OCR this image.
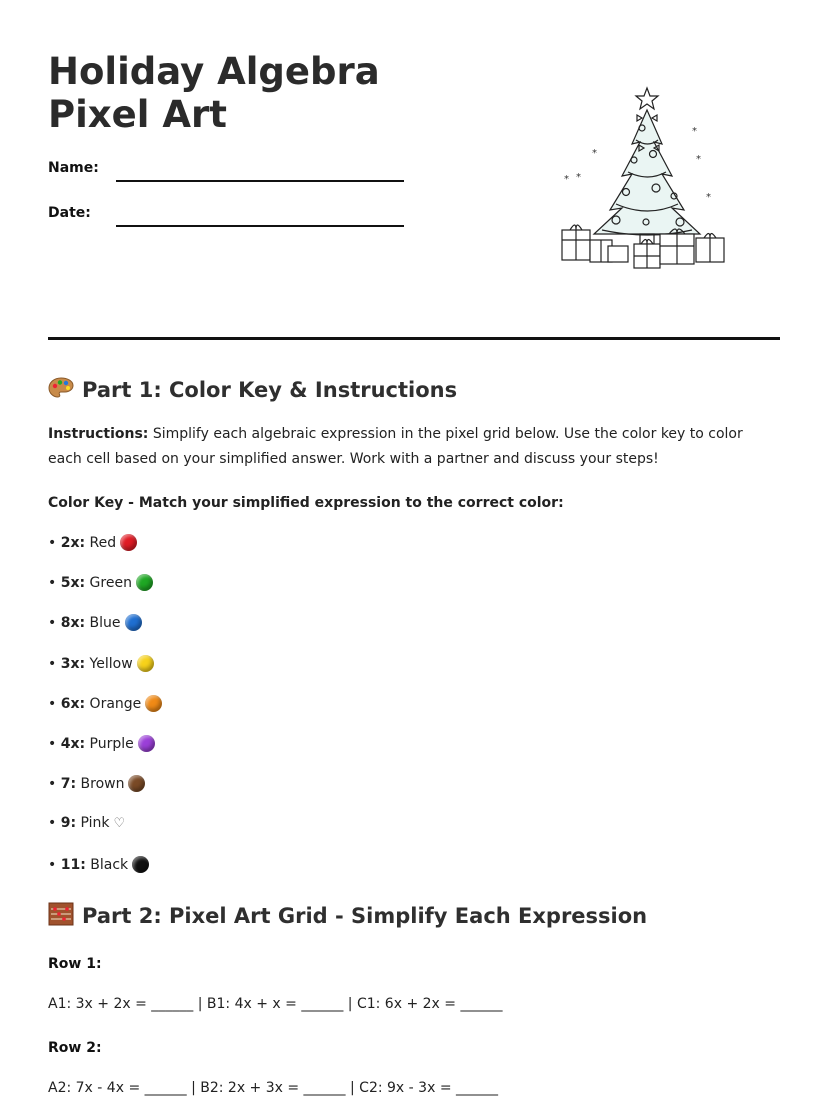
Holiday Algebra Pixel Art
Name:
Date:
*
*
*
*
*
*
Part 1: Color Key & Instructions
Instructions: Simplify each algebraic expression in the pixel grid below. Use the color key to color each cell based on your simplified answer. Work with a partner and discuss your steps!
Color Key - Match your simplified expression to the correct color:
• 2x: Red
• 5x: Green
• 8x: Blue
• 3x: Yellow
• 6x: Orange
• 4x: Purple
• 7: Brown
• 9: Pink ♡
• 11: Black
Part 2: Pixel Art Grid - Simplify Each Expression
Row 1:
A1: 3x + 2x = ______ | B1: 4x + x = ______ | C1: 6x + 2x = ______
Row 2:
A2: 7x - 4x = ______ | B2: 2x + 3x = ______ | C2: 9x - 3x = ______
